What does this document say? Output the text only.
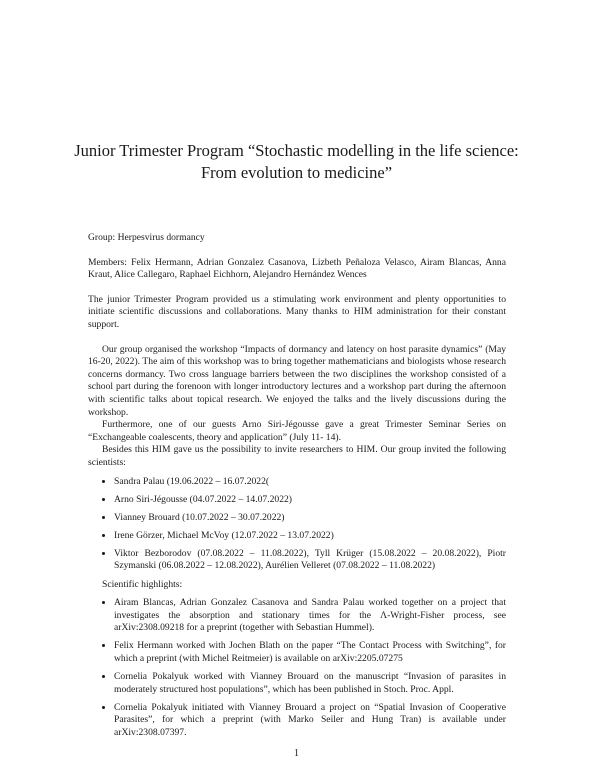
Junior Trimester Program “Stochastic modelling in the life science: From evolution to medicine”

Group: Herpesvirus dormancy

Members: Felix Hermann, Adrian Gonzalez Casanova, Lizbeth Peñaloza Velasco, Airam Blancas, Anna Kraut, Alice Callegaro, Raphael Eichhorn, Alejandro Hernández Wences

The junior Trimester Program provided us a stimulating work environment and plenty opportunities to initiate scientific discussions and collaborations. Many thanks to HIM administration for their constant support.

Our group organised the workshop “Impacts of dormancy and latency on host parasite dynamics” (May 16-20, 2022). The aim of this workshop was to bring together mathematicians and biologists whose research concerns dormancy. Two cross language barriers between the two disciplines the workshop consisted of a school part during the forenoon with longer introductory lectures and a workshop part during the afternoon with scientific talks about topical research. We enjoyed the talks and the lively discussions during the workshop.

Furthermore, one of our guests Arno Siri-Jégousse gave a great Trimester Seminar Series on “Exchangeable coalescents, theory and application” (July 11- 14).

Besides this HIM gave us the possibility to invite researchers to HIM. Our group invited the following scientists:

• Sandra Palau (19.06.2022 – 16.07.2022(
• Arno Siri-Jégousse (04.07.2022 – 14.07.2022)
• Vianney Brouard (10.07.2022 – 30.07.2022)
• Irene Görzer, Michael McVoy (12.07.2022 – 13.07.2022)
• Viktor Bezborodov (07.08.2022 – 11.08.2022), Tyll Krüger (15.08.2022 – 20.08.2022), Piotr Szymanski (06.08.2022 – 12.08.2022), Aurélien Velleret (07.08.2022 – 11.08.2022)

Scientific highlights:

• Airam Blancas, Adrian Gonzalez Casanova and Sandra Palau worked together on a project that investigates the absorption and stationary times for the Λ-Wright-Fisher process, see arXiv:2308.09218 for a preprint (together with Sebastian Hummel).
• Felix Hermann worked with Jochen Blath on the paper “The Contact Process with Switching”, for which a preprint (with Michel Reitmeier) is available on arXiv:2205.07275
• Cornelia Pokalyuk worked with Vianney Brouard on the manuscript “Invasion of parasites in moderately structured host populations”, which has been published in Stoch. Proc. Appl.
• Cornelia Pokalyuk initiated with Vianney Brouard a project on “Spatial Invasion of Cooperative Parasites”, for which a preprint (with Marko Seiler and Hung Tran) is available under arXiv:2308.07397.
1
